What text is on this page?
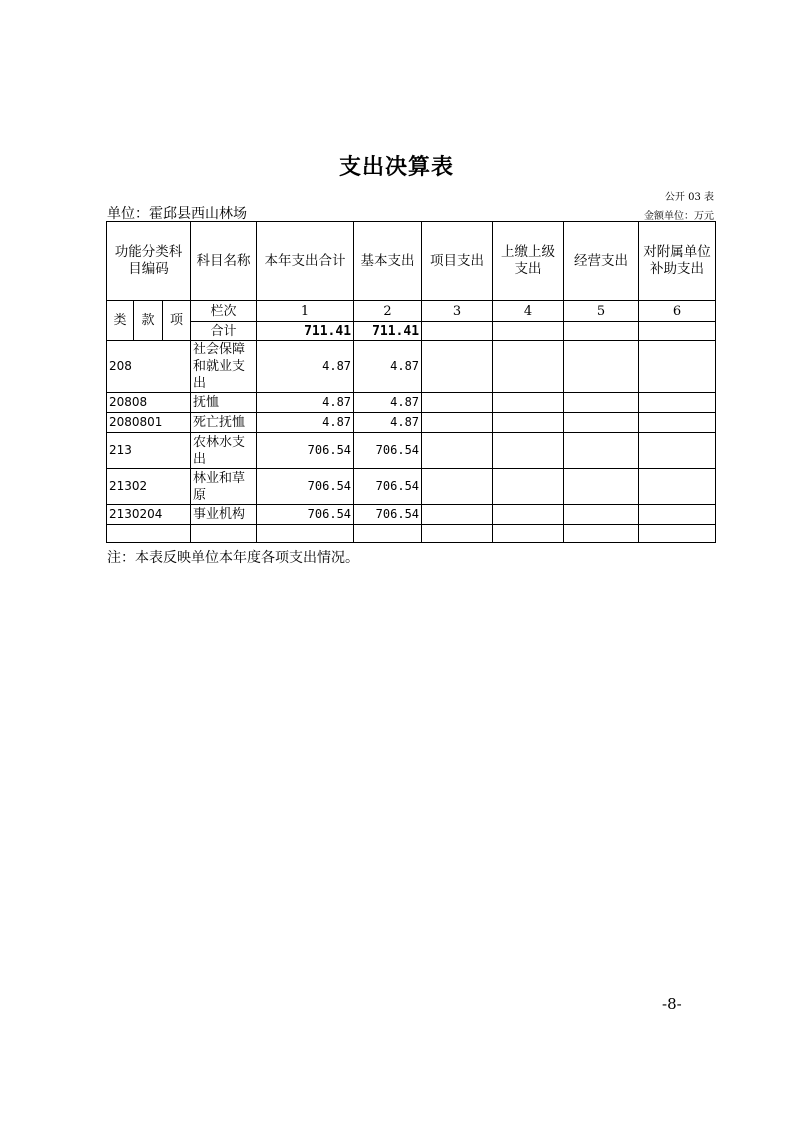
支出决算表
公开 03 表
单位：霍邱县西山林场	金额单位：万元
功能分类科目编码			科目名称	本年支出合计	基本支出	项目支出	上缴上级支出	经营支出	对附属单位补助支出
类	款	项	栏次	1	2	3	4	5	6
			合计	711.41	711.41				
208			社会保障和就业支出	4.87	4.87				
20808			抚恤	4.87	4.87				
2080801			死亡抚恤	4.87	4.87				
213			农林水支出	706.54	706.54				
21302			林业和草原	706.54	706.54				
2130204			事业机构	706.54	706.54				

注：本表反映单位本年度各项支出情况。
-8-
